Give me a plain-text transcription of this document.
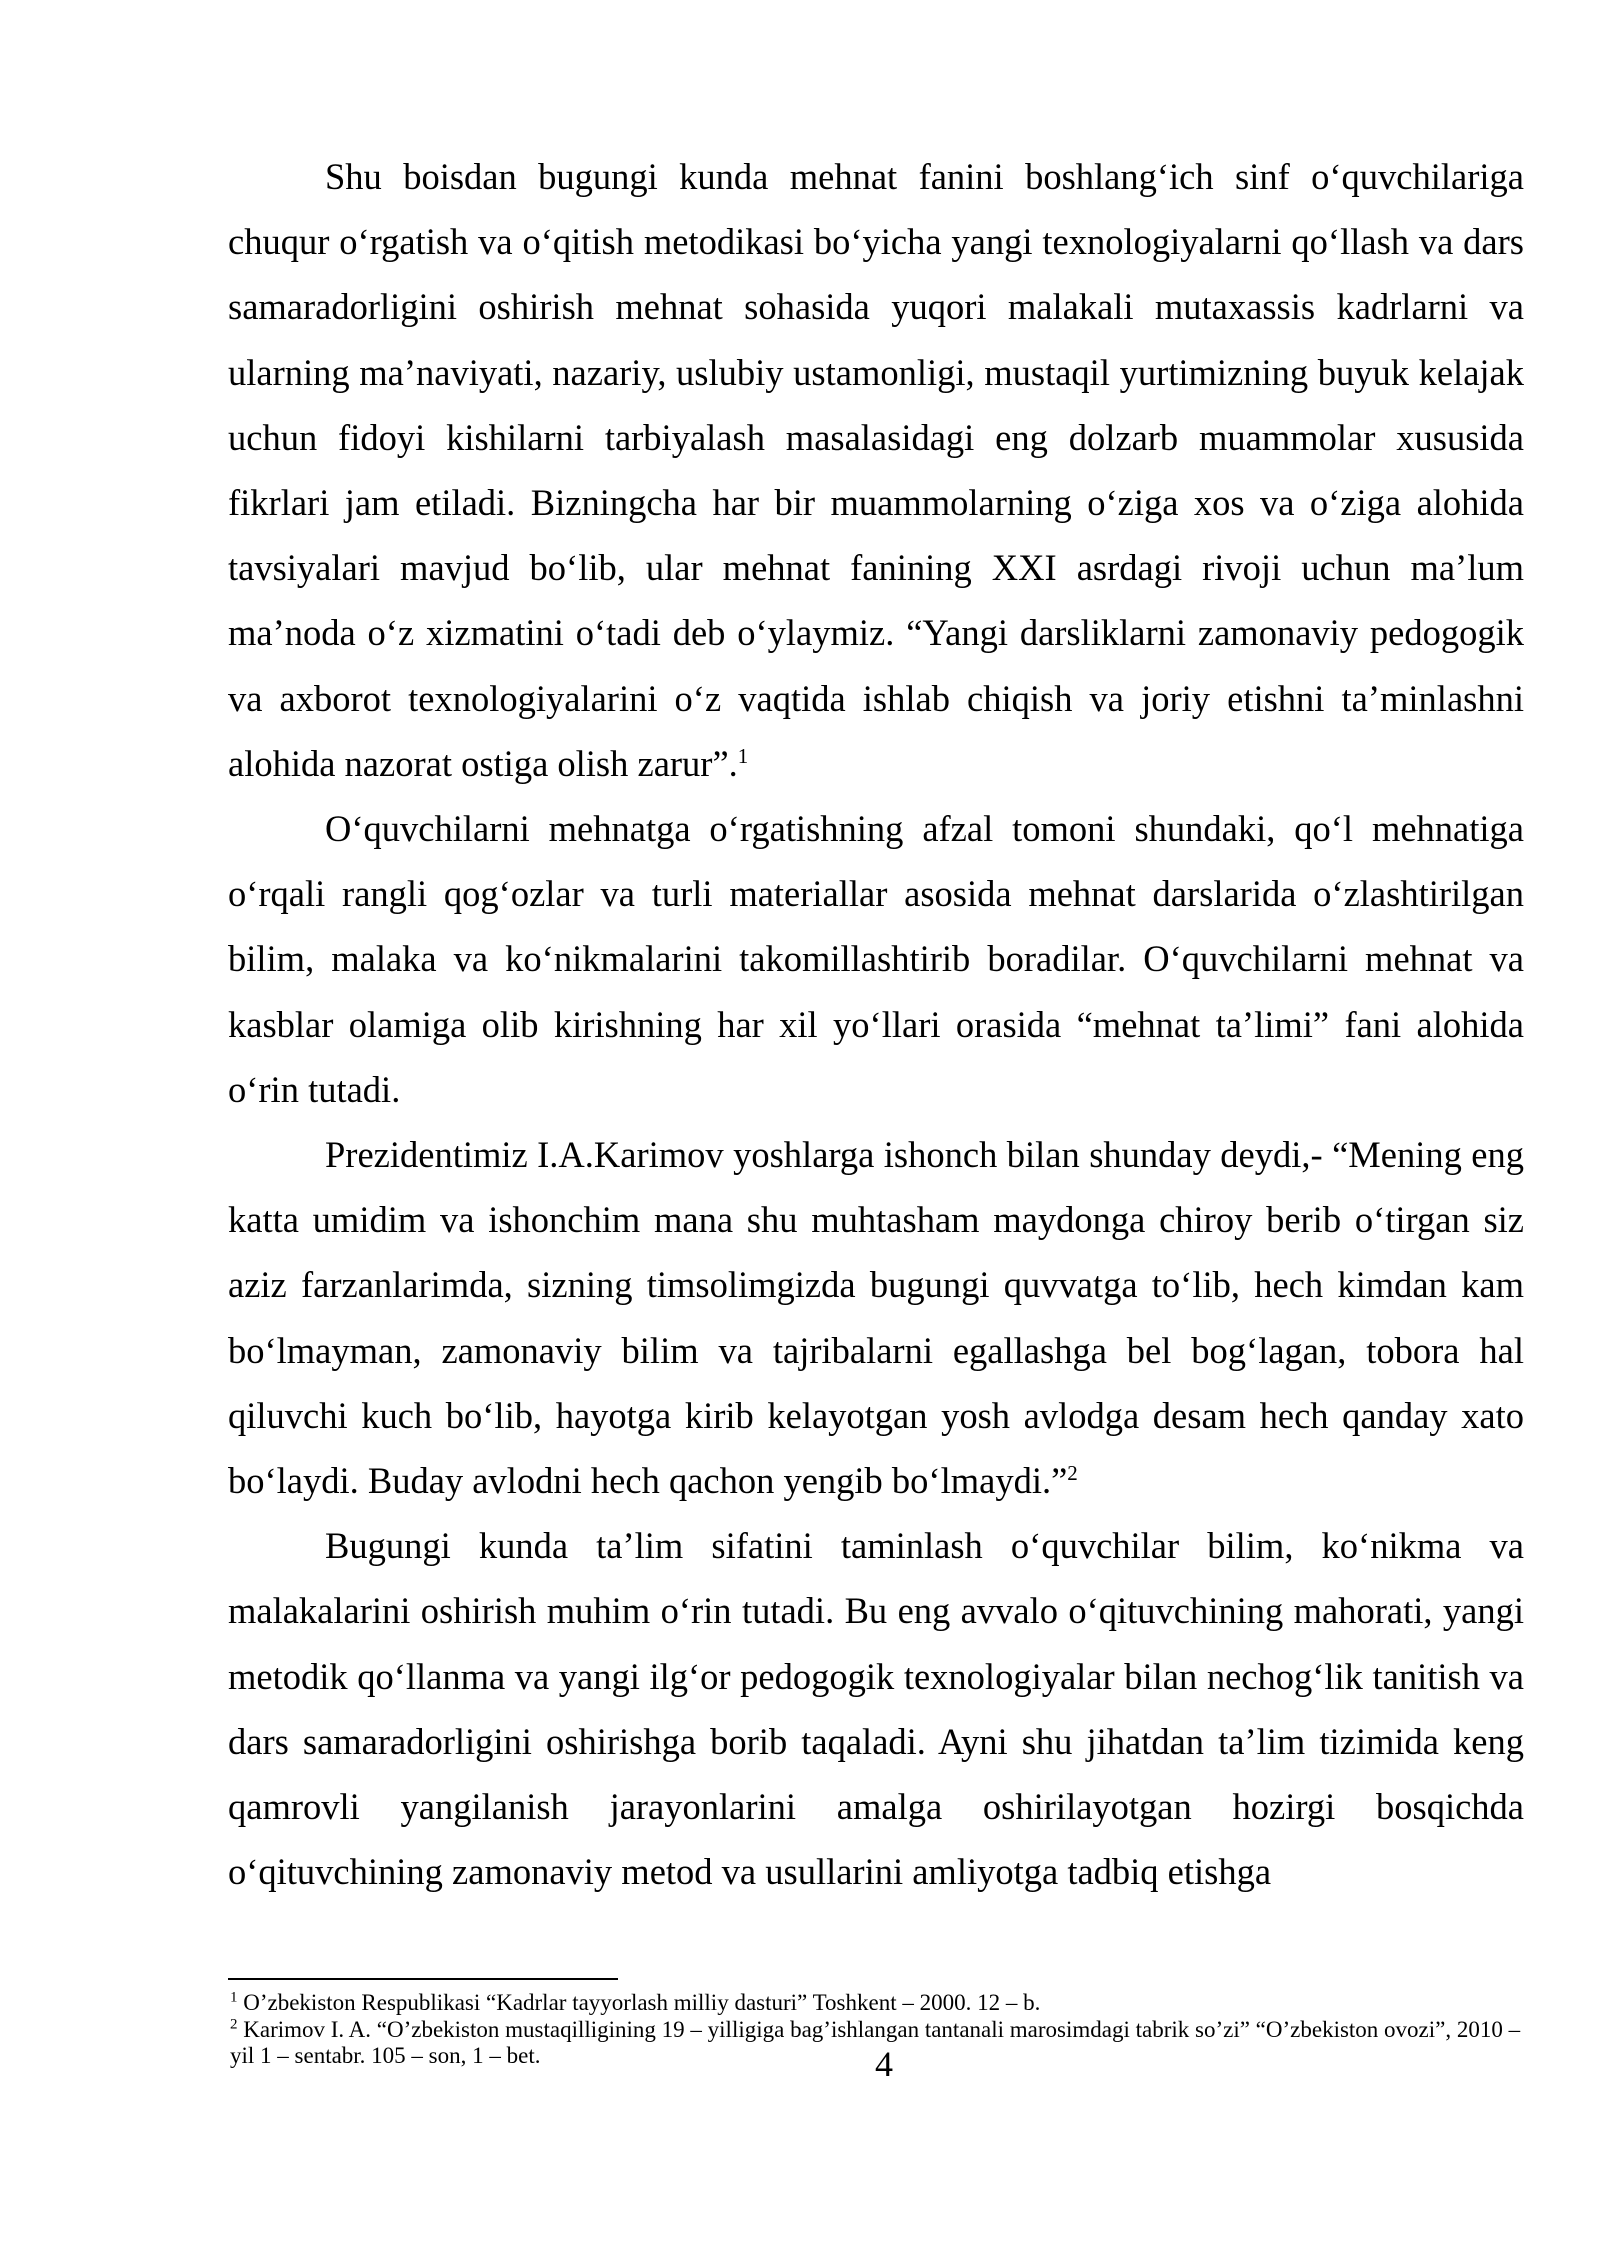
Shu boisdan bugungi kunda mehnat fanini boshlang‘ich sinf o‘quvchilariga chuqur o‘rgatish va o‘qitish metodikasi bo‘yicha yangi texnologiyalarni qo‘llash va dars samaradorligini oshirish mehnat sohasida yuqori malakali mutaxassis kadrlarni va ularning ma’naviyati, nazariy, uslubiy ustamonligi, mustaqil yurtimizning buyuk kelajak uchun fidoyi kishilarni tarbiyalash masalasidagi eng dolzarb muammolar xususida fikrlari jam etiladi. Bizningcha har bir muammolarning o‘ziga xos va o‘ziga alohida tavsiyalari mavjud bo‘lib, ular mehnat fanining XXI asrdagi rivoji uchun ma’lum ma’noda o‘z xizmatini o‘tadi deb o‘ylaymiz. “Yangi darsliklarni zamonaviy pedogogik va axborot texnologiyalarini o‘z vaqtida ishlab chiqish va joriy etishni ta’minlashni alohida nazorat ostiga olish zarur”.$^1$

O‘quvchilarni mehnatga o‘rgatishning afzal tomoni shundaki, qo‘l mehnatiga o‘rqali rangli qog‘ozlar va turli materiallar asosida mehnat darslarida o‘zlashtirilgan bilim, malaka va ko‘nikmalarini takomillashtirib boradilar. O‘quvchilarni mehnat va kasblar olamiga olib kirishning har xil yo‘llari orasida “mehnat ta’limi” fani alohida o‘rin tutadi.

Prezidentimiz I.A.Karimov yoshlarga ishonch bilan shunday deydi,- “Mening eng katta umidim va ishonchim mana shu muhtasham maydonga chiroy berib o‘tirgan siz aziz farzanlarimda, sizning timsolimgizda bugungi quvvatga to‘lib, hech kimdan kam bo‘lmayman, zamonaviy bilim va tajribalarni egallashga bel bog‘lagan, tobora hal qiluvchi kuch bo‘lib, hayotga kirib kelayotgan yosh avlodga desam hech qanday xato bo‘laydi. Buday avlodni hech qachon yengib bo‘lmaydi.”$^2$

Bugungi kunda ta’lim sifatini taminlash o‘quvchilar bilim, ko‘nikma va malakalarini oshirish muhim o‘rin tutadi. Bu eng avvalo o‘qituvchining mahorati, yangi metodik qo‘llanma va yangi ilg‘or pedogogik texnologiyalar bilan nechog‘lik tanitish va dars samaradorligini oshirishga borib taqaladi. Ayni shu jihatdan ta’lim tizimida keng qamrovli yangilanish jarayonlarini amalga oshirilayotgan hozirgi bosqichda o‘qituvchining zamonaviy metod va usullarini amliyotga tadbiq etishga

$^1$ O’zbekiston Respublikasi “Kadrlar tayyorlash milliy dasturi” Toshkent – 2000. 12 – b.

$^2$ Karimov I. A. “O’zbekiston mustaqilligining 19 – yilligiga bag’ishlangan tantanali marosimdagi tabrik so’zi” “O’zbekiston ovozi”, 2010 – yil 1 – sentabr. 105 – son, 1 – bet.	4
